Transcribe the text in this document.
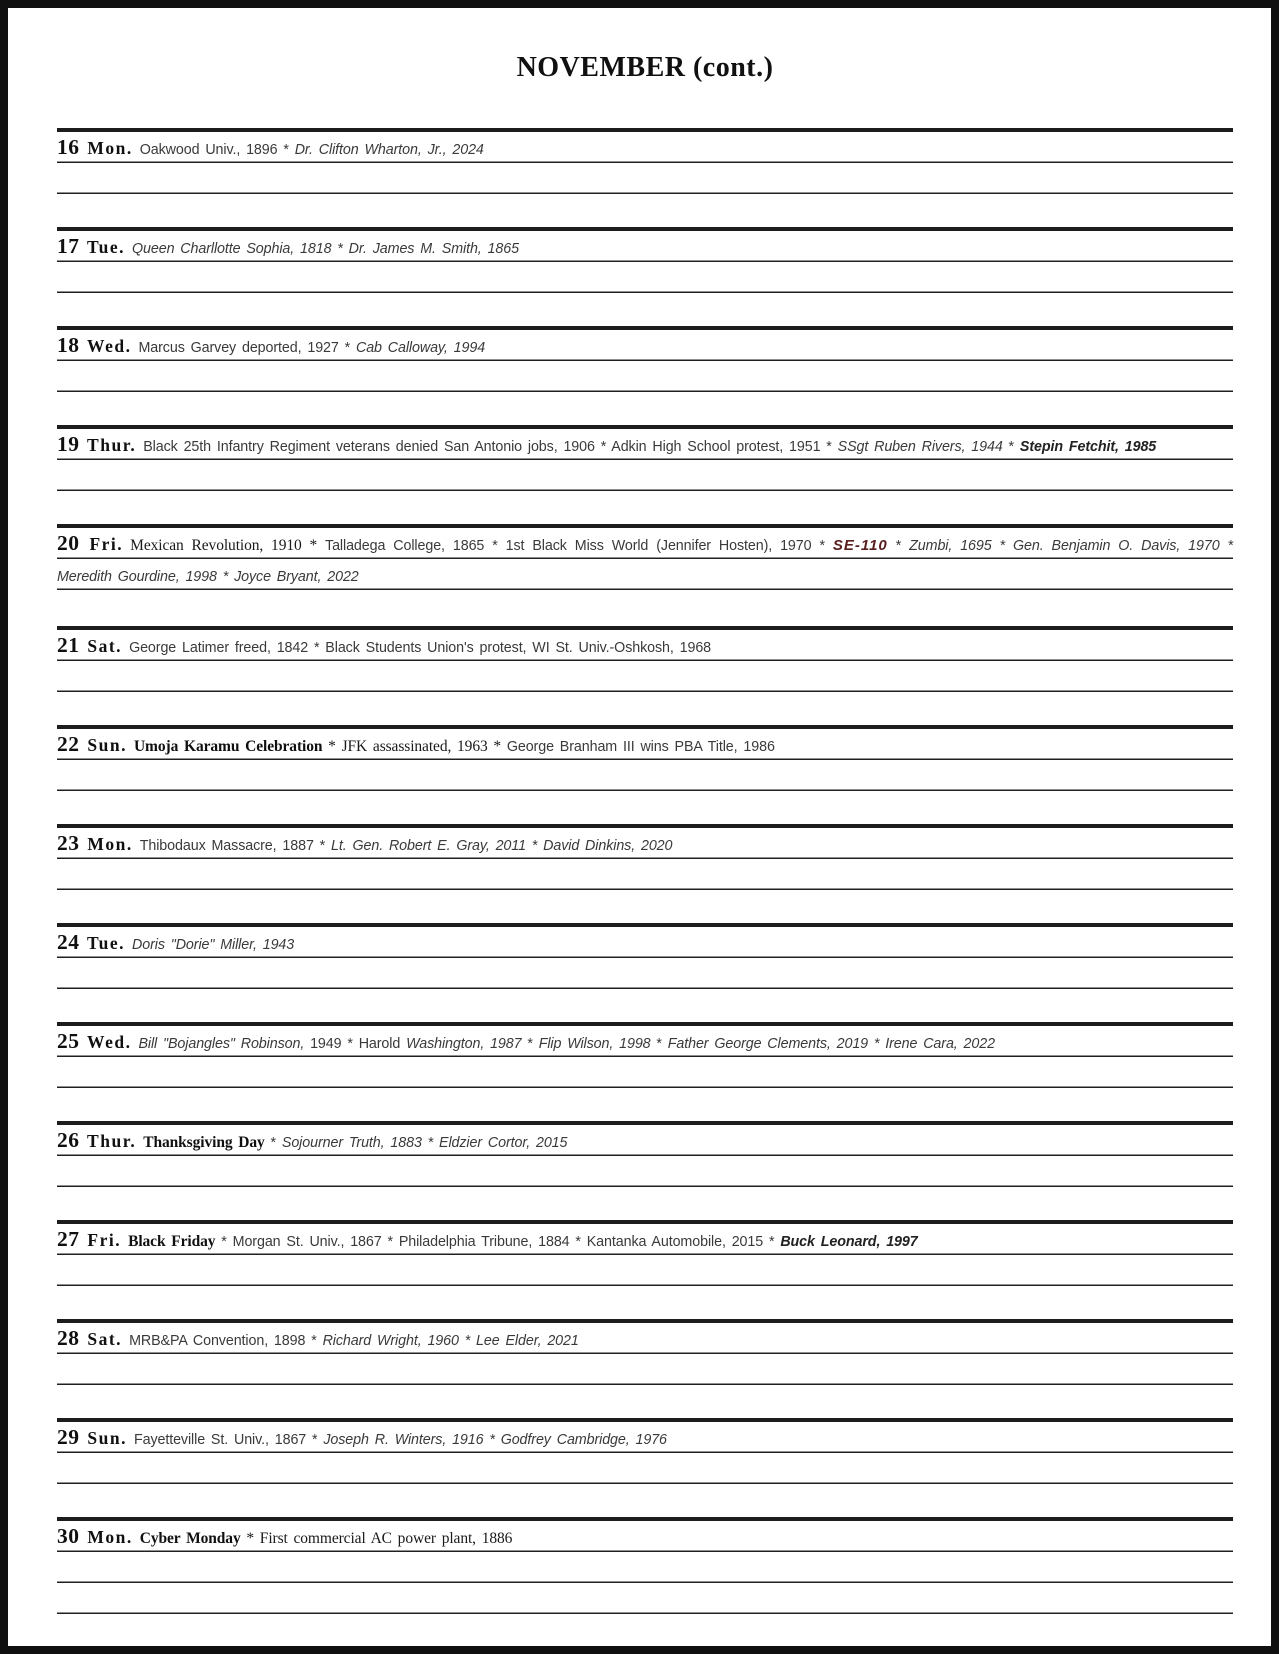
NOVEMBER (cont.)

16 Mon. Oakwood Univ., 1896 * Dr. Clifton Wharton, Jr., 2024

17 Tue. Queen Charllotte Sophia, 1818 * Dr. James M. Smith, 1865

18 Wed. Marcus Garvey deported, 1927 * Cab Calloway, 1994

19 Thur. Black 25th Infantry Regiment veterans denied San Antonio jobs, 1906 * Adkin High School protest, 1951 * SSgt Ruben Rivers, 1944 * Stepin Fetchit, 1985

20 Fri. Mexican Revolution, 1910 * Talladega College, 1865 * 1st Black Miss World (Jennifer Hosten), 1970 * SE-110 * Zumbi, 1695 * Gen. Benjamin O. Davis, 1970 * Meredith Gourdine, 1998 * Joyce Bryant, 2022

21 Sat. George Latimer freed, 1842 * Black Students Union's protest, WI St. Univ.-Oshkosh, 1968

22 Sun. Umoja Karamu Celebration * JFK assassinated, 1963 * George Branham III wins PBA Title, 1986

23 Mon. Thibodaux Massacre, 1887 * Lt. Gen. Robert E. Gray, 2011 * David Dinkins, 2020

24 Tue. Doris "Dorie" Miller, 1943

25 Wed. Bill "Bojangles" Robinson, 1949 * Harold Washington, 1987 * Flip Wilson, 1998 * Father George Clements, 2019 * Irene Cara, 2022

26 Thur. Thanksgiving Day * Sojourner Truth, 1883 * Eldzier Cortor, 2015

27 Fri. Black Friday * Morgan St. Univ., 1867 * Philadelphia Tribune, 1884 * Kantanka Automobile, 2015 * Buck Leonard, 1997

28 Sat. MRB&PA Convention, 1898 * Richard Wright, 1960 * Lee Elder, 2021

29 Sun. Fayetteville St. Univ., 1867 * Joseph R. Winters, 1916 * Godfrey Cambridge, 1976

30 Mon. Cyber Monday * First commercial AC power plant, 1886
